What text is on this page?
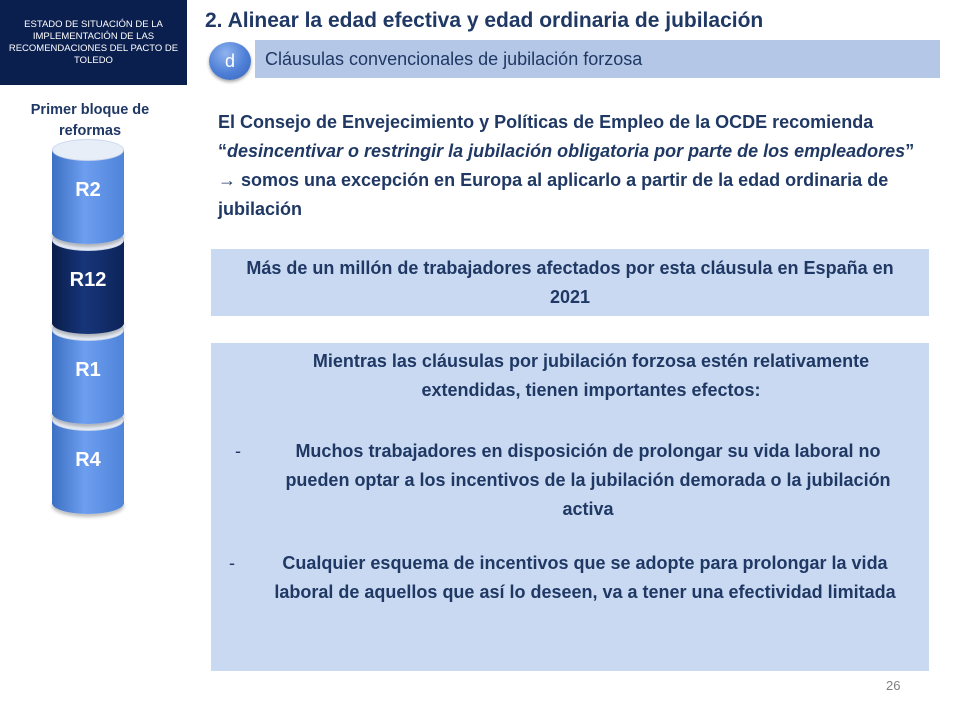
ESTADO DE SITUACIÓN DE LA IMPLEMENTACIÓN DE LAS RECOMENDACIONES DEL PACTO DE TOLEDO
2. Alinear la edad efectiva y edad ordinaria de jubilación
Cláusulas convencionales de jubilación forzosa
d
Primer bloque de reformas
R4
R1
R12
R2
El Consejo de Envejecimiento y Políticas de Empleo de la OCDE recomienda “desincentivar o restringir la jubilación obligatoria por parte de los empleadores” → somos una excepción en Europa al aplicarlo a partir de la edad ordinaria de jubilación
Más de un millón de trabajadores afectados por esta cláusula en España en 2021
Mientras las cláusulas por jubilación forzosa estén relativamente extendidas, tienen importantes efectos:
-	Muchos trabajadores en disposición de prolongar su vida laboral no pueden optar a los incentivos de la jubilación demorada o la jubilación activa
-	Cualquier esquema de incentivos que se adopte para prolongar la vida laboral de aquellos que así lo deseen, va a tener una efectividad limitada
26
